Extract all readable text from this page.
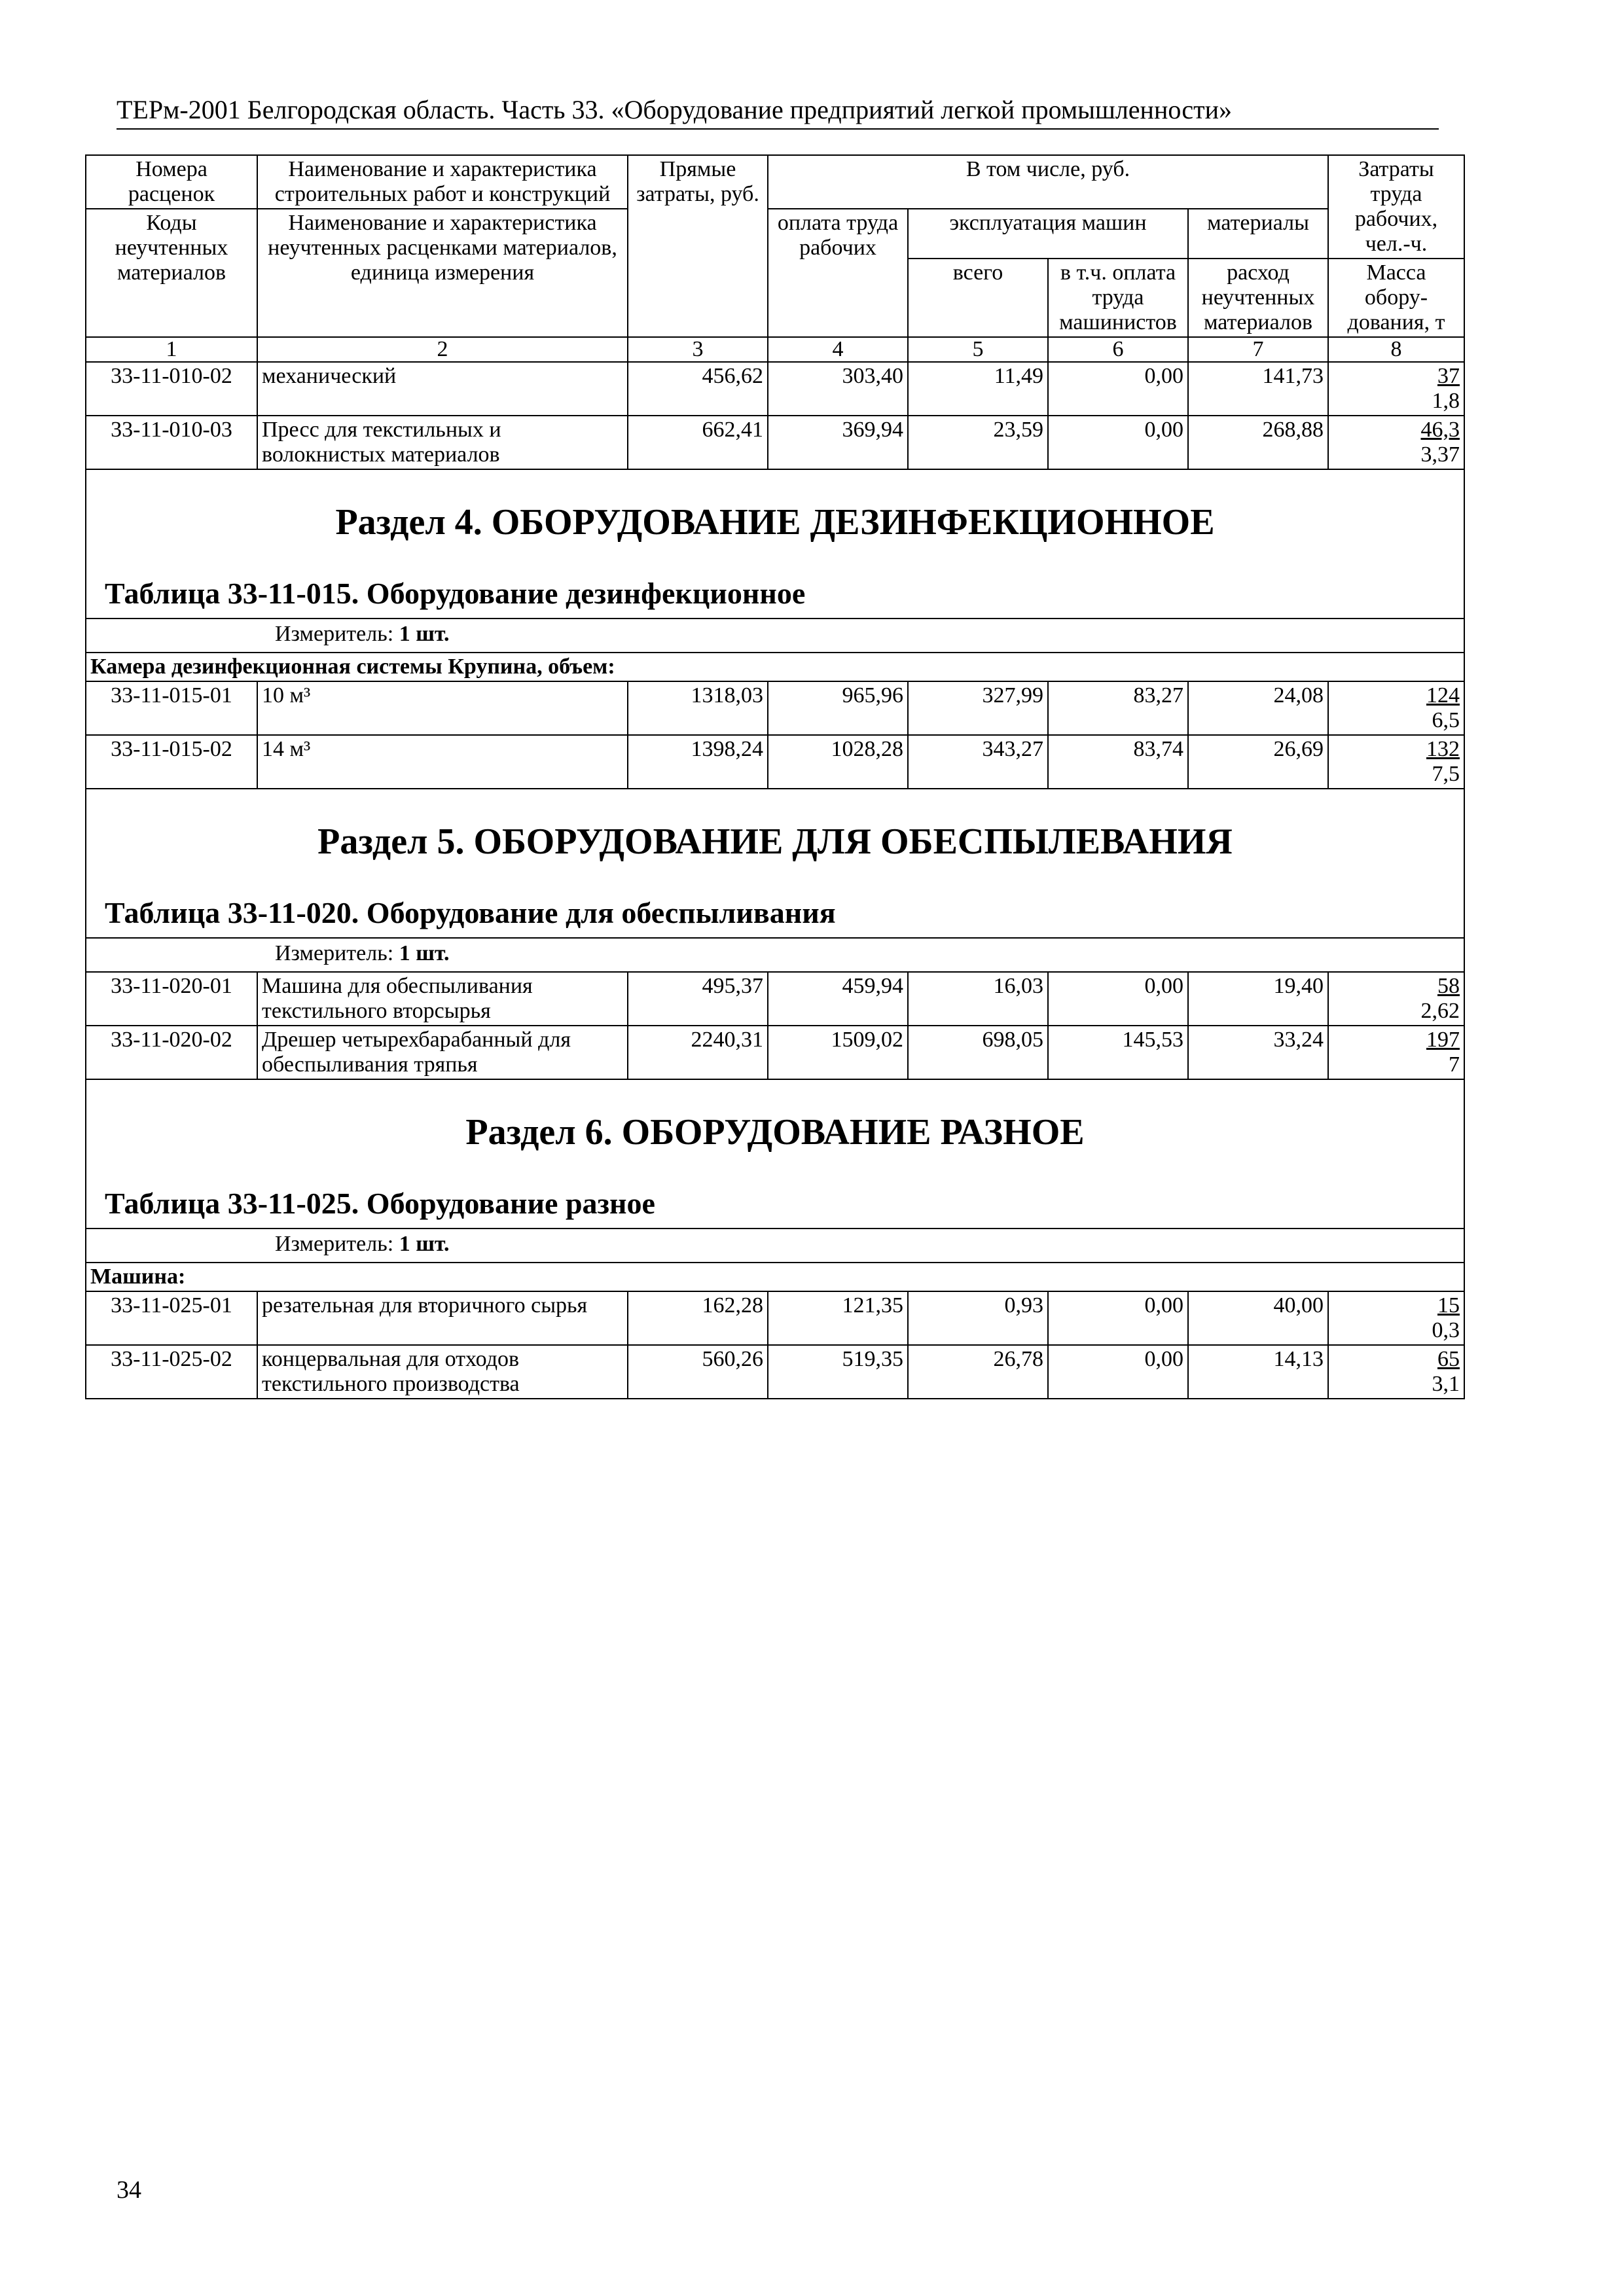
ТЕРм-2001 Белгородская область. Часть 33. «Оборудование предприятий легкой промышленности»
Номера расценок	Наименование и характеристика строительных работ и конструкций	Прямые затраты, руб.	В том числе, руб.				Затраты труда рабочих, чел.-ч.
Коды неучтенных материалов	Наименование и характеристика неучтенных расценками материалов, единица измерения		оплата труда рабочих	эксплуатация машин		материалы	
				всего	в т.ч. оплата труда машинистов	расход неучтенных материалов	Масса обору-дования, т
1	2	3	4	5	6	7	8
33-11-010-02	механический	456,62	303,40	11,49	0,00	141,73	37
1,8

33-11-010-03	Пресс для текстильных и волокнистых материалов	662,41	369,94	23,59	0,00	268,88	46,3
3,37

Раздел 4. ОБОРУДОВАНИЕ ДЕЗИНФЕКЦИОННОЕ
Таблица 33-11-015. Оборудование дезинфекционное							

Измеритель: 1 шт.							

Камера дезинфекционная системы Крупина, объем:							
33-11-015-01	10 м³	1318,03	965,96	327,99	83,27	24,08	124
6,5

33-11-015-02	14 м³	1398,24	1028,28	343,27	83,74	26,69	132
7,5

Раздел 5. ОБОРУДОВАНИЕ ДЛЯ ОБЕСПЫЛЕВАНИЯ
Таблица 33-11-020. Оборудование для обеспыливания							

Измеритель: 1 шт.							

33-11-020-01	Машина для обеспыливания текстильного вторсырья	495,37	459,94	16,03	0,00	19,40	58
2,62

33-11-020-02	Дрешер четырехбарабанный для обеспыливания тряпья	2240,31	1509,02	698,05	145,53	33,24	197
7

Раздел 6. ОБОРУДОВАНИЕ РАЗНОЕ
Таблица 33-11-025. Оборудование разное							

Измеритель: 1 шт.							

Машина:							
33-11-025-01	резательная для вторичного сырья	162,28	121,35	0,93	0,00	40,00	15
0,3

33-11-025-02	концервальная для отходов текстильного производства	560,26	519,35	26,78	0,00	14,13	65
3,1
34
